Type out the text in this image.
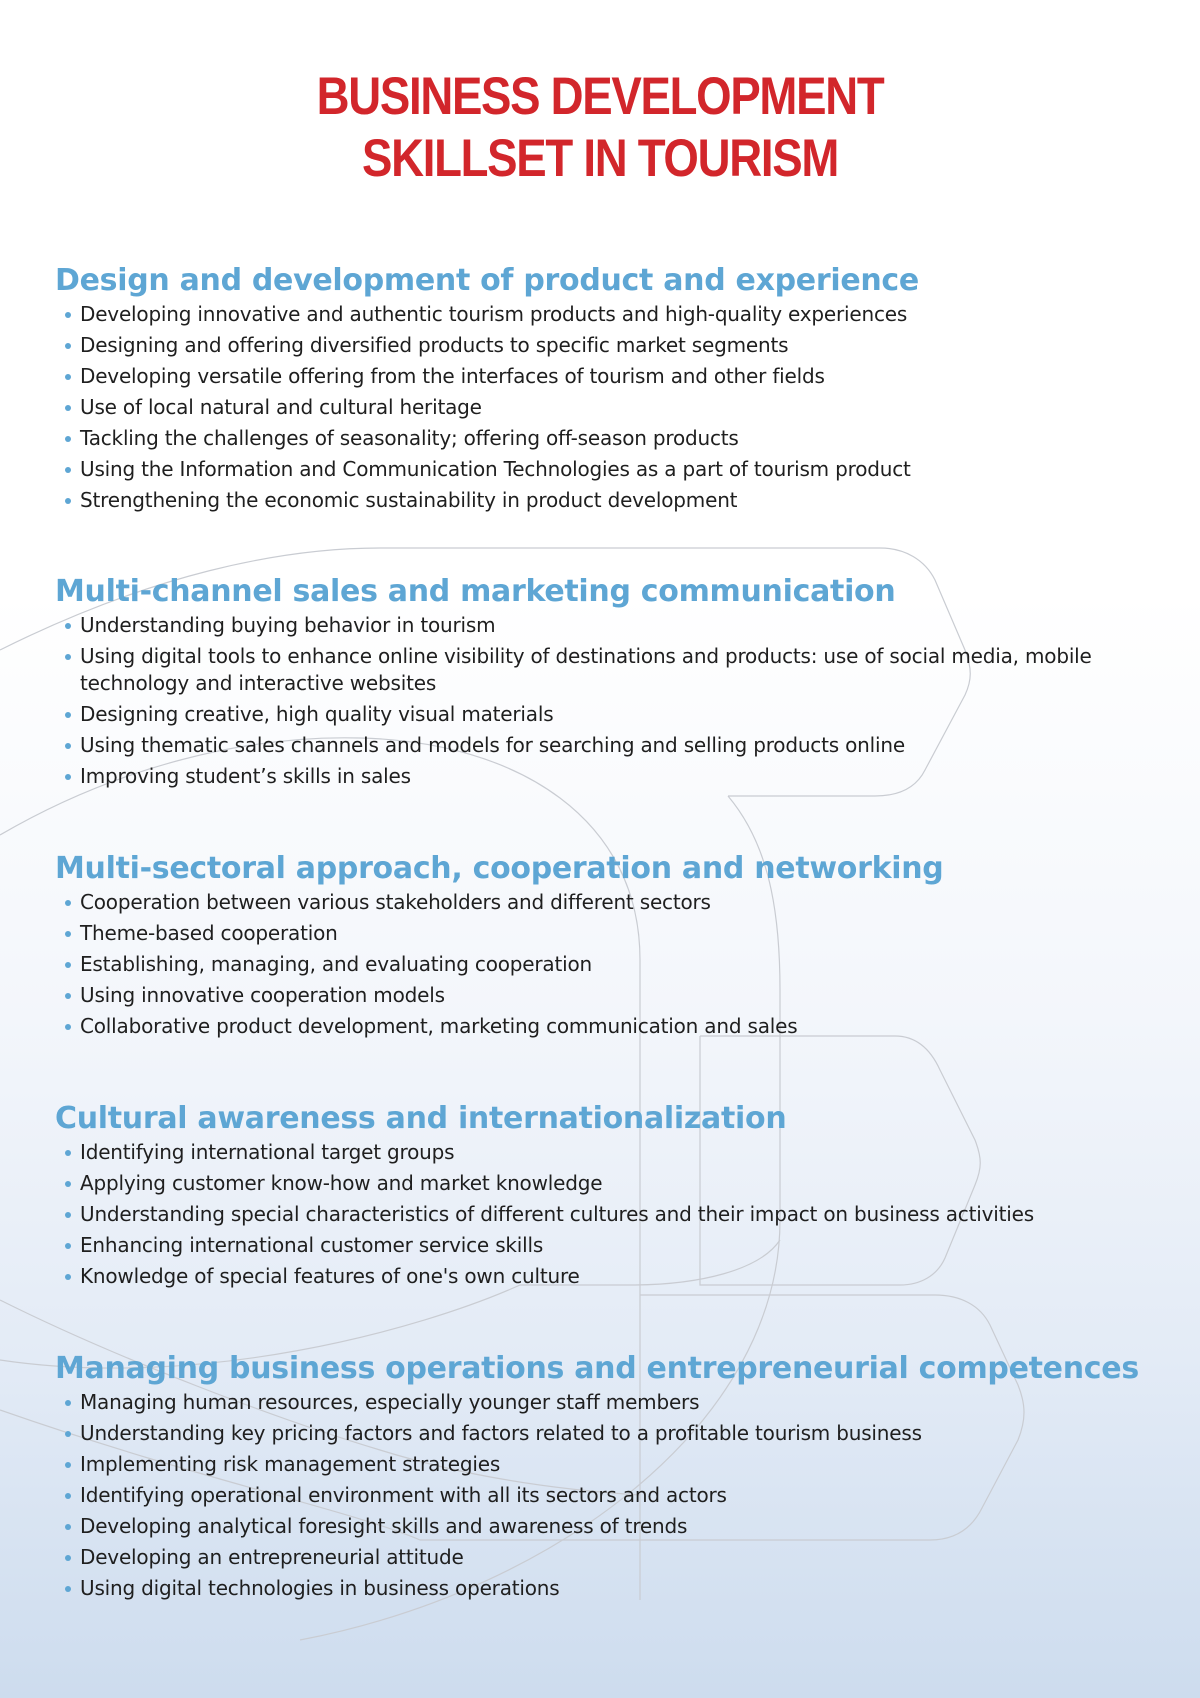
BUSINESS DEVELOPMENT
SKILLSET IN TOURISM
Design and development of product and experience
Developing innovative and authentic tourism products and high-quality experiences
Designing and offering diversified products to specific market segments
Developing versatile offering from the interfaces of tourism and other fields
Use of local natural and cultural heritage
Tackling the challenges of seasonality; offering off-season products
Using the Information and Communication Technologies as a part of tourism product
Strengthening the economic sustainability in product development
Multi-channel sales and marketing communication
Understanding buying behavior in tourism
Using digital tools to enhance online visibility of destinations and products: use of social media, mobile technology and interactive websites
Designing creative, high quality visual materials
Using thematic sales channels and models for searching and selling products online
Improving student’s skills in sales
Multi-sectoral approach, cooperation and networking
Cooperation between various stakeholders and different sectors
Theme-based cooperation
Establishing, managing, and evaluating cooperation
Using innovative cooperation models
Collaborative product development, marketing communication and sales
Cultural awareness and internationalization
Identifying international target groups
Applying customer know-how and market knowledge
Understanding special characteristics of different cultures and their impact on business activities
Enhancing international customer service skills
Knowledge of special features of one's own culture
Managing business operations and entrepreneurial competences
Managing human resources, especially younger staff members
Understanding key pricing factors and factors related to a profitable tourism business
Implementing risk management strategies
Identifying operational environment with all its sectors and actors
Developing analytical foresight skills and awareness of trends
Developing an entrepreneurial attitude
Using digital technologies in business operations
